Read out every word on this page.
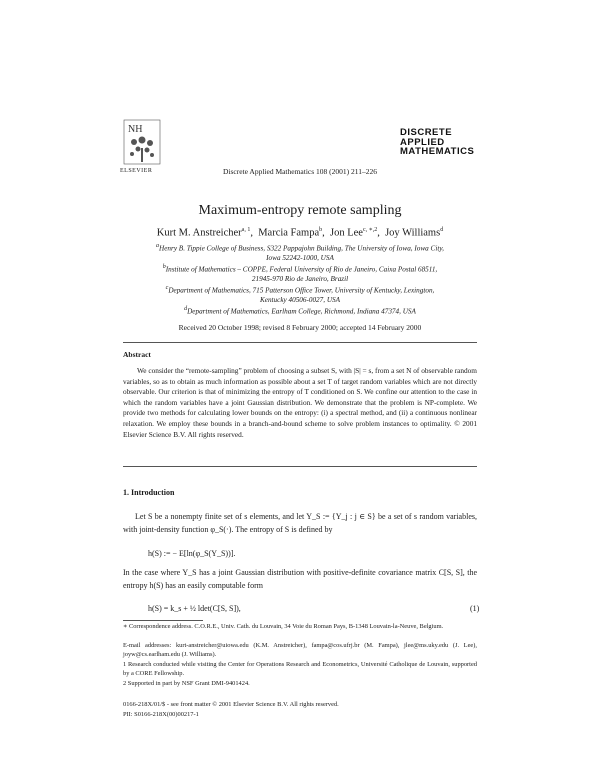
NH
ELSEVIER
DISCRETE
APPLIED
MATHEMATICS
Discrete Applied Mathematics 108 (2001) 211–226
Maximum-entropy remote sampling
Kurt M. Anstreicher$^{a, 1}$,  Marcia Fampa$^b$,  Jon Lee$^{c, ∗,2}$,  Joy Williams$^d$
$^a$Henry B. Tippie College of Business, S322 Pappajohn Building, The University of Iowa, Iowa City,
Iowa 52242-1000, USA
$^b$Institute of Mathematics – COPPE, Federal University of Rio de Janeiro, Caixa Postal 68511,
21945-970 Rio de Janeiro, Brazil
$^c$Department of Mathematics, 715 Patterson Office Tower, University of Kentucky, Lexington,
Kentucky 40506-0027, USA
$^d$Department of Mathematics, Earlham College, Richmond, Indiana 47374, USA
Received 20 October 1998; revised 8 February 2000; accepted 14 February 2000
Abstract
We consider the “remote-sampling” problem of choosing a subset S, with |S| = s, from a set N of observable random variables, so as to obtain as much information as possible about a set T of target random variables which are not directly observable. Our criterion is that of minimizing the entropy of T conditioned on S. We confine our attention to the case in which the random variables have a joint Gaussian distribution. We demonstrate that the problem is NP-complete. We provide two methods for calculating lower bounds on the entropy: (i) a spectral method, and (ii) a continuous nonlinear relaxation. We employ these bounds in a branch-and-bound scheme to solve problem instances to optimality. © 2001 Elsevier Science B.V. All rights reserved.
1. Introduction
Let S be a nonempty finite set of s elements, and let Y_S := {Y_j : j ∈ S} be a set of s random variables, with joint-density function φ_S(·). The entropy of S is defined by
h(S) := − E[ln(φ_S(Y_S))].
In the case where Y_S has a joint Gaussian distribution with positive-definite covariance matrix C[S, S], the entropy h(S) has an easily computable form
h(S) = k_s + ½ ldet(C[S, S]),	(1)
∗ Correspondence address. C.O.R.E., Univ. Cath. du Louvain, 34 Voie du Roman Pays, B-1348 Louvain-la-Neuve, Belgium.
E-mail addresses: kurt-anstreicher@uiowa.edu (K.M. Anstreicher), fampa@cos.ufrj.br (M. Fampa), jlee@ms.uky.edu (J. Lee), joyw@cs.earlham.edu (J. Williams).
1 Research conducted while visiting the Center for Operations Research and Econometrics, Université Catholique de Louvain, supported by a CORE Fellowship.
2 Supported in part by NSF Grant DMI-9401424.
0166-218X/01/$ - see front matter © 2001 Elsevier Science B.V. All rights reserved.
PII: S0166-218X(00)00217-1
